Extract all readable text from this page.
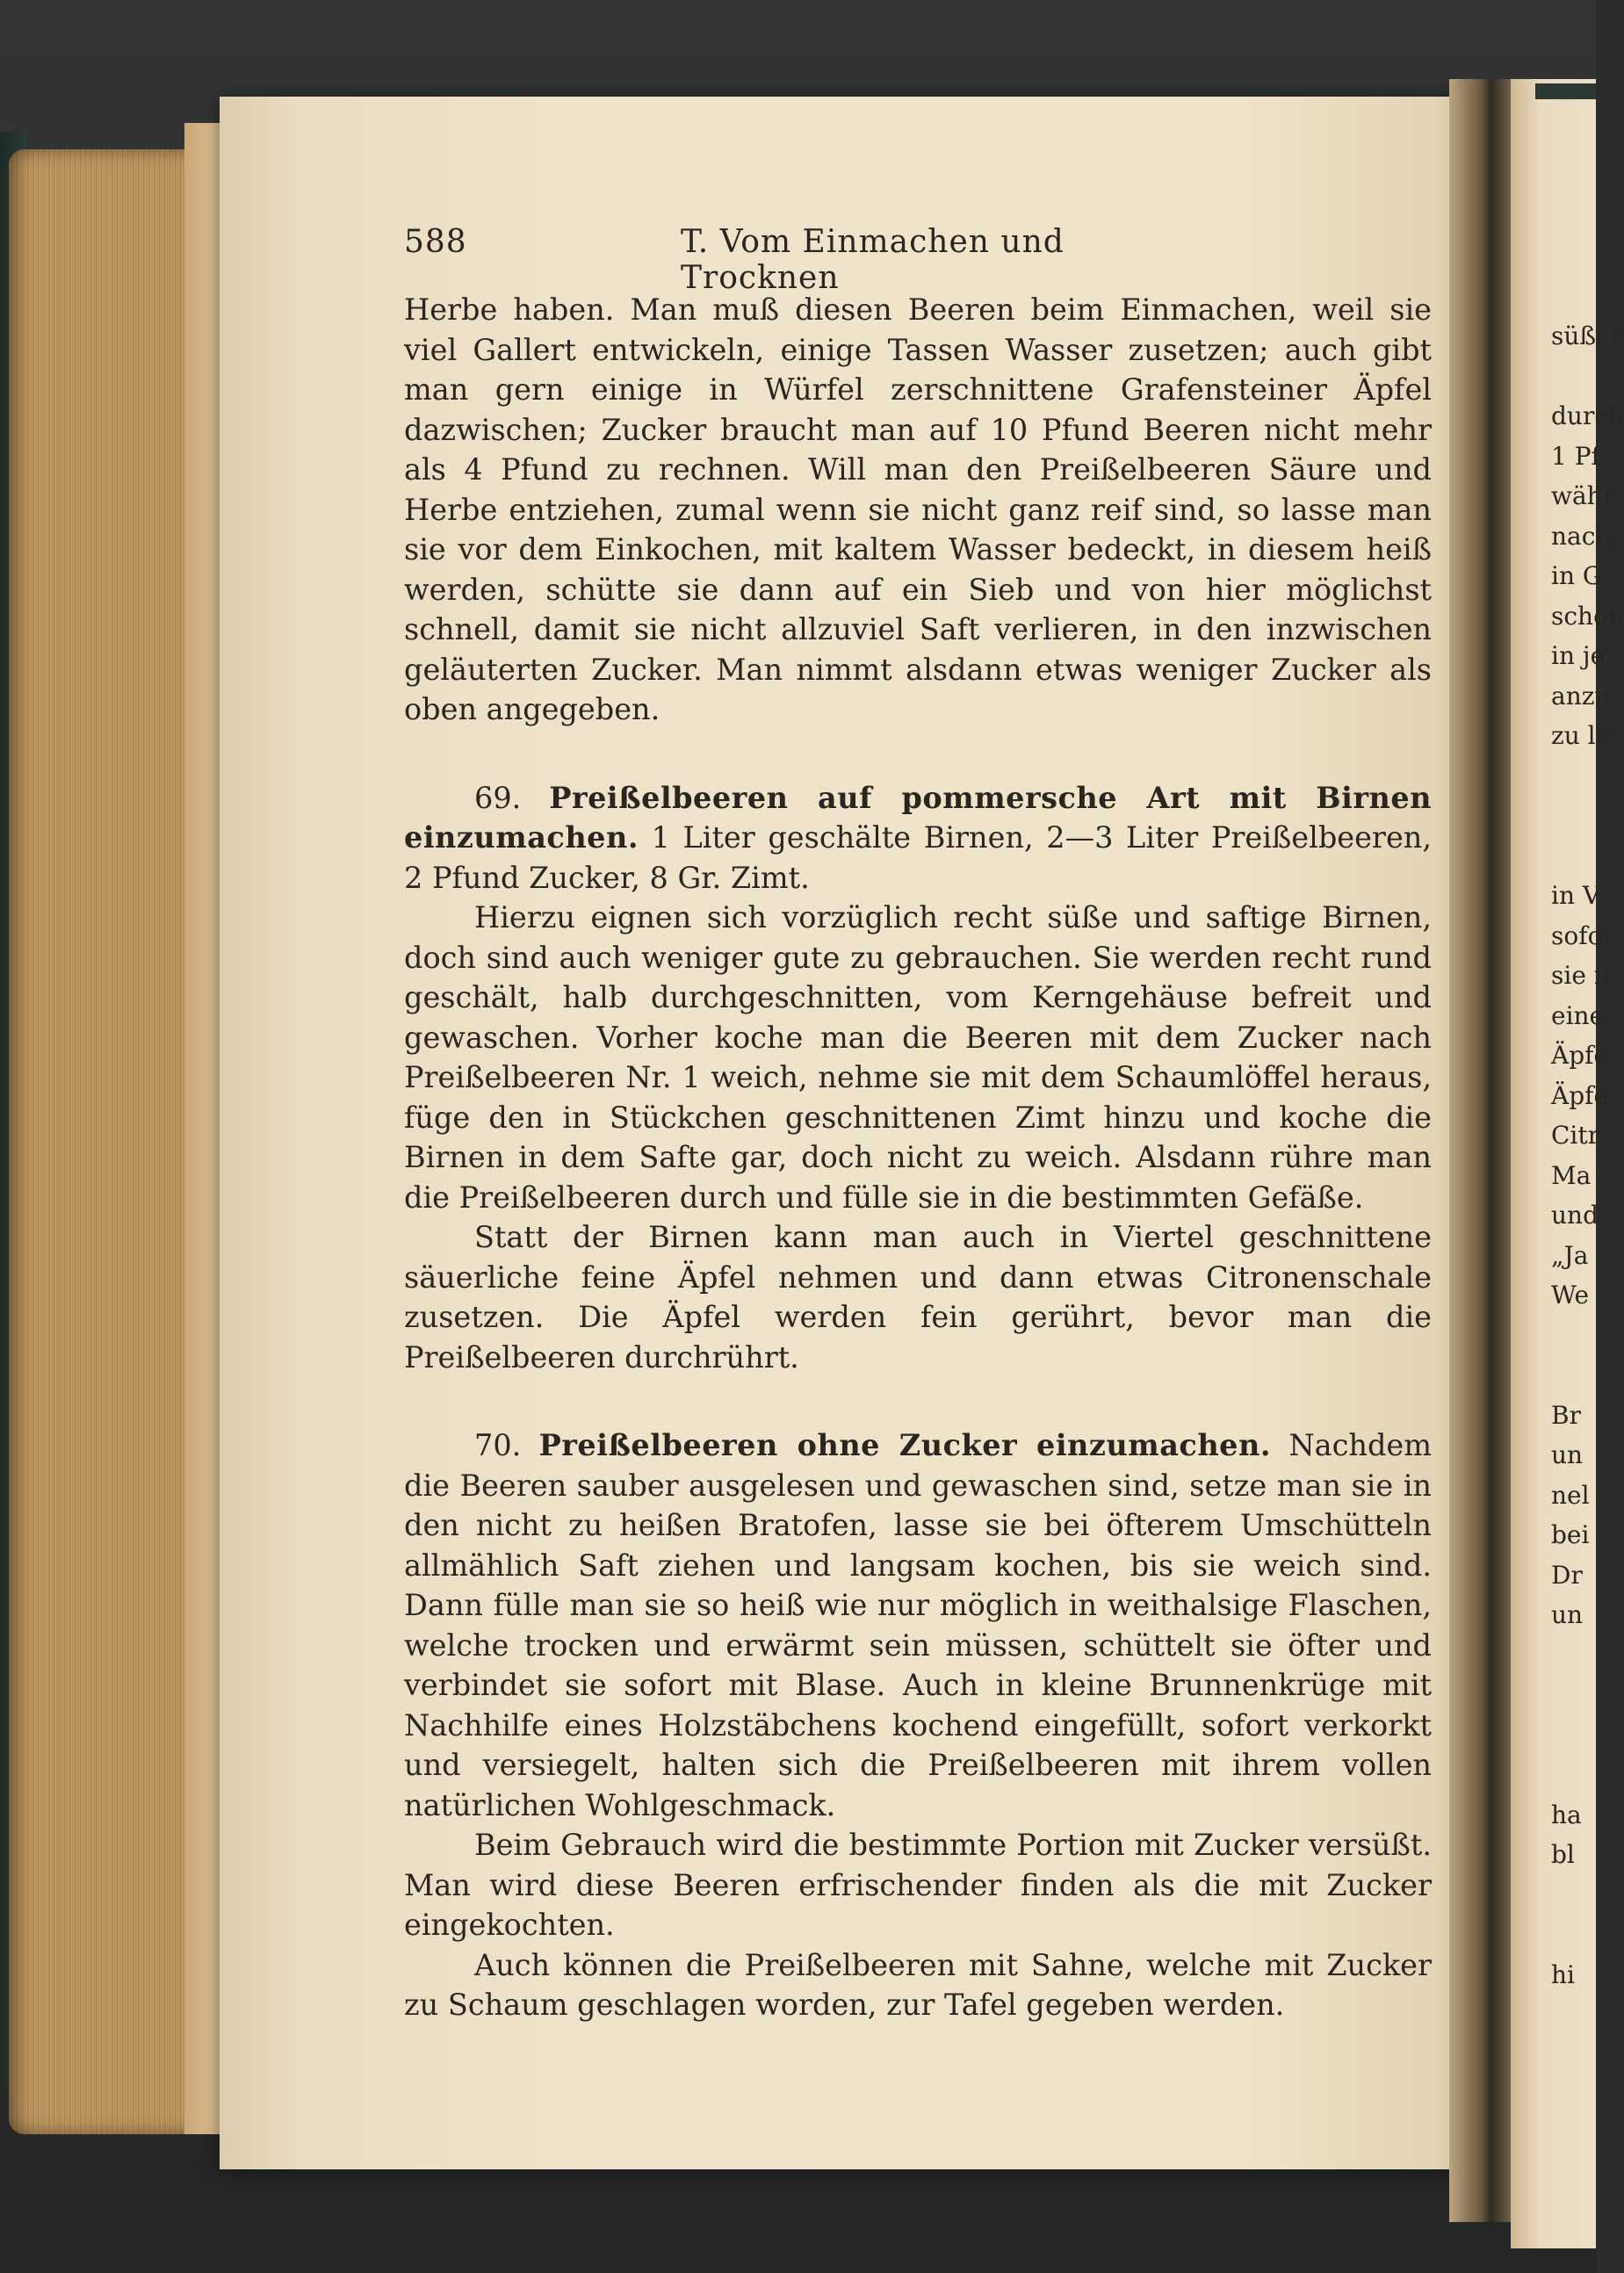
588	T. Vom Einmachen und Trocknen

Herbe haben. Man muß diesen Beeren beim Einmachen, weil sie viel Gallert entwickeln, einige Tassen Wasser zusetzen; auch gibt man gern einige in Würfel zerschnittene Grafensteiner Äpfel dazwischen; Zucker braucht man auf 10 Pfund Beeren nicht mehr als 4 Pfund zu rechnen. Will man den Preißelbeeren Säure und Herbe entziehen, zumal wenn sie nicht ganz reif sind, so lasse man sie vor dem Einkochen, mit kaltem Wasser bedeckt, in diesem heiß werden, schütte sie dann auf ein Sieb und von hier möglichst schnell, damit sie nicht allzuviel Saft verlieren, in den inzwischen geläuterten Zucker. Man nimmt alsdann etwas weniger Zucker als oben angegeben.

69. Preißelbeeren auf pommersche Art mit Birnen einzumachen. 1 Liter geschälte Birnen, 2—3 Liter Preißelbeeren, 2 Pfund Zucker, 8 Gr. Zimt.

Hierzu eignen sich vorzüglich recht süße und saftige Birnen, doch sind auch weniger gute zu gebrauchen. Sie werden recht rund geschält, halb durchgeschnitten, vom Kerngehäuse befreit und gewaschen. Vorher koche man die Beeren mit dem Zucker nach Preißelbeeren Nr. 1 weich, nehme sie mit dem Schaumlöffel heraus, füge den in Stückchen geschnittenen Zimt hinzu und koche die Birnen in dem Safte gar, doch nicht zu weich. Alsdann rühre man die Preißelbeeren durch und fülle sie in die bestimmten Gefäße.

Statt der Birnen kann man auch in Viertel geschnittene säuerliche feine Äpfel nehmen und dann etwas Citronenschale zusetzen. Die Äpfel werden fein gerührt, bevor man die Preißelbeeren durchrührt.

70. Preißelbeeren ohne Zucker einzumachen. Nachdem die Beeren sauber ausgelesen und gewaschen sind, setze man sie in den nicht zu heißen Bratofen, lasse sie bei öfterem Umschütteln allmählich Saft ziehen und langsam kochen, bis sie weich sind. Dann fülle man sie so heiß wie nur möglich in weithalsige Flaschen, welche trocken und erwärmt sein müssen, schüttelt sie öfter und verbindet sie sofort mit Blase. Auch in kleine Brunnenkrüge mit Nachhilfe eines Holzstäbchens kochend eingefüllt, sofort verkorkt und versiegelt, halten sich die Preißelbeeren mit ihrem vollen natürlichen Wohlgeschmack.

Beim Gebrauch wird die bestimmte Portion mit Zucker versüßt. Man wird diese Beeren erfrischender finden als die mit Zucker eingekochten.

Auch können die Preißelbeeren mit Sahne, welche mit Zucker zu Schaum geschlagen worden, zur Tafel gegeben werden.

süßer
durch
1 Pf
währ
nach
in G
schön
in je
anzu
zu le
in V
sofor
sie n
eine
Äpfe
Äpfe
Citr
Ma
und
„Ja
We
Br
un
nel
bei
Dr
un
ha
bl
hi
